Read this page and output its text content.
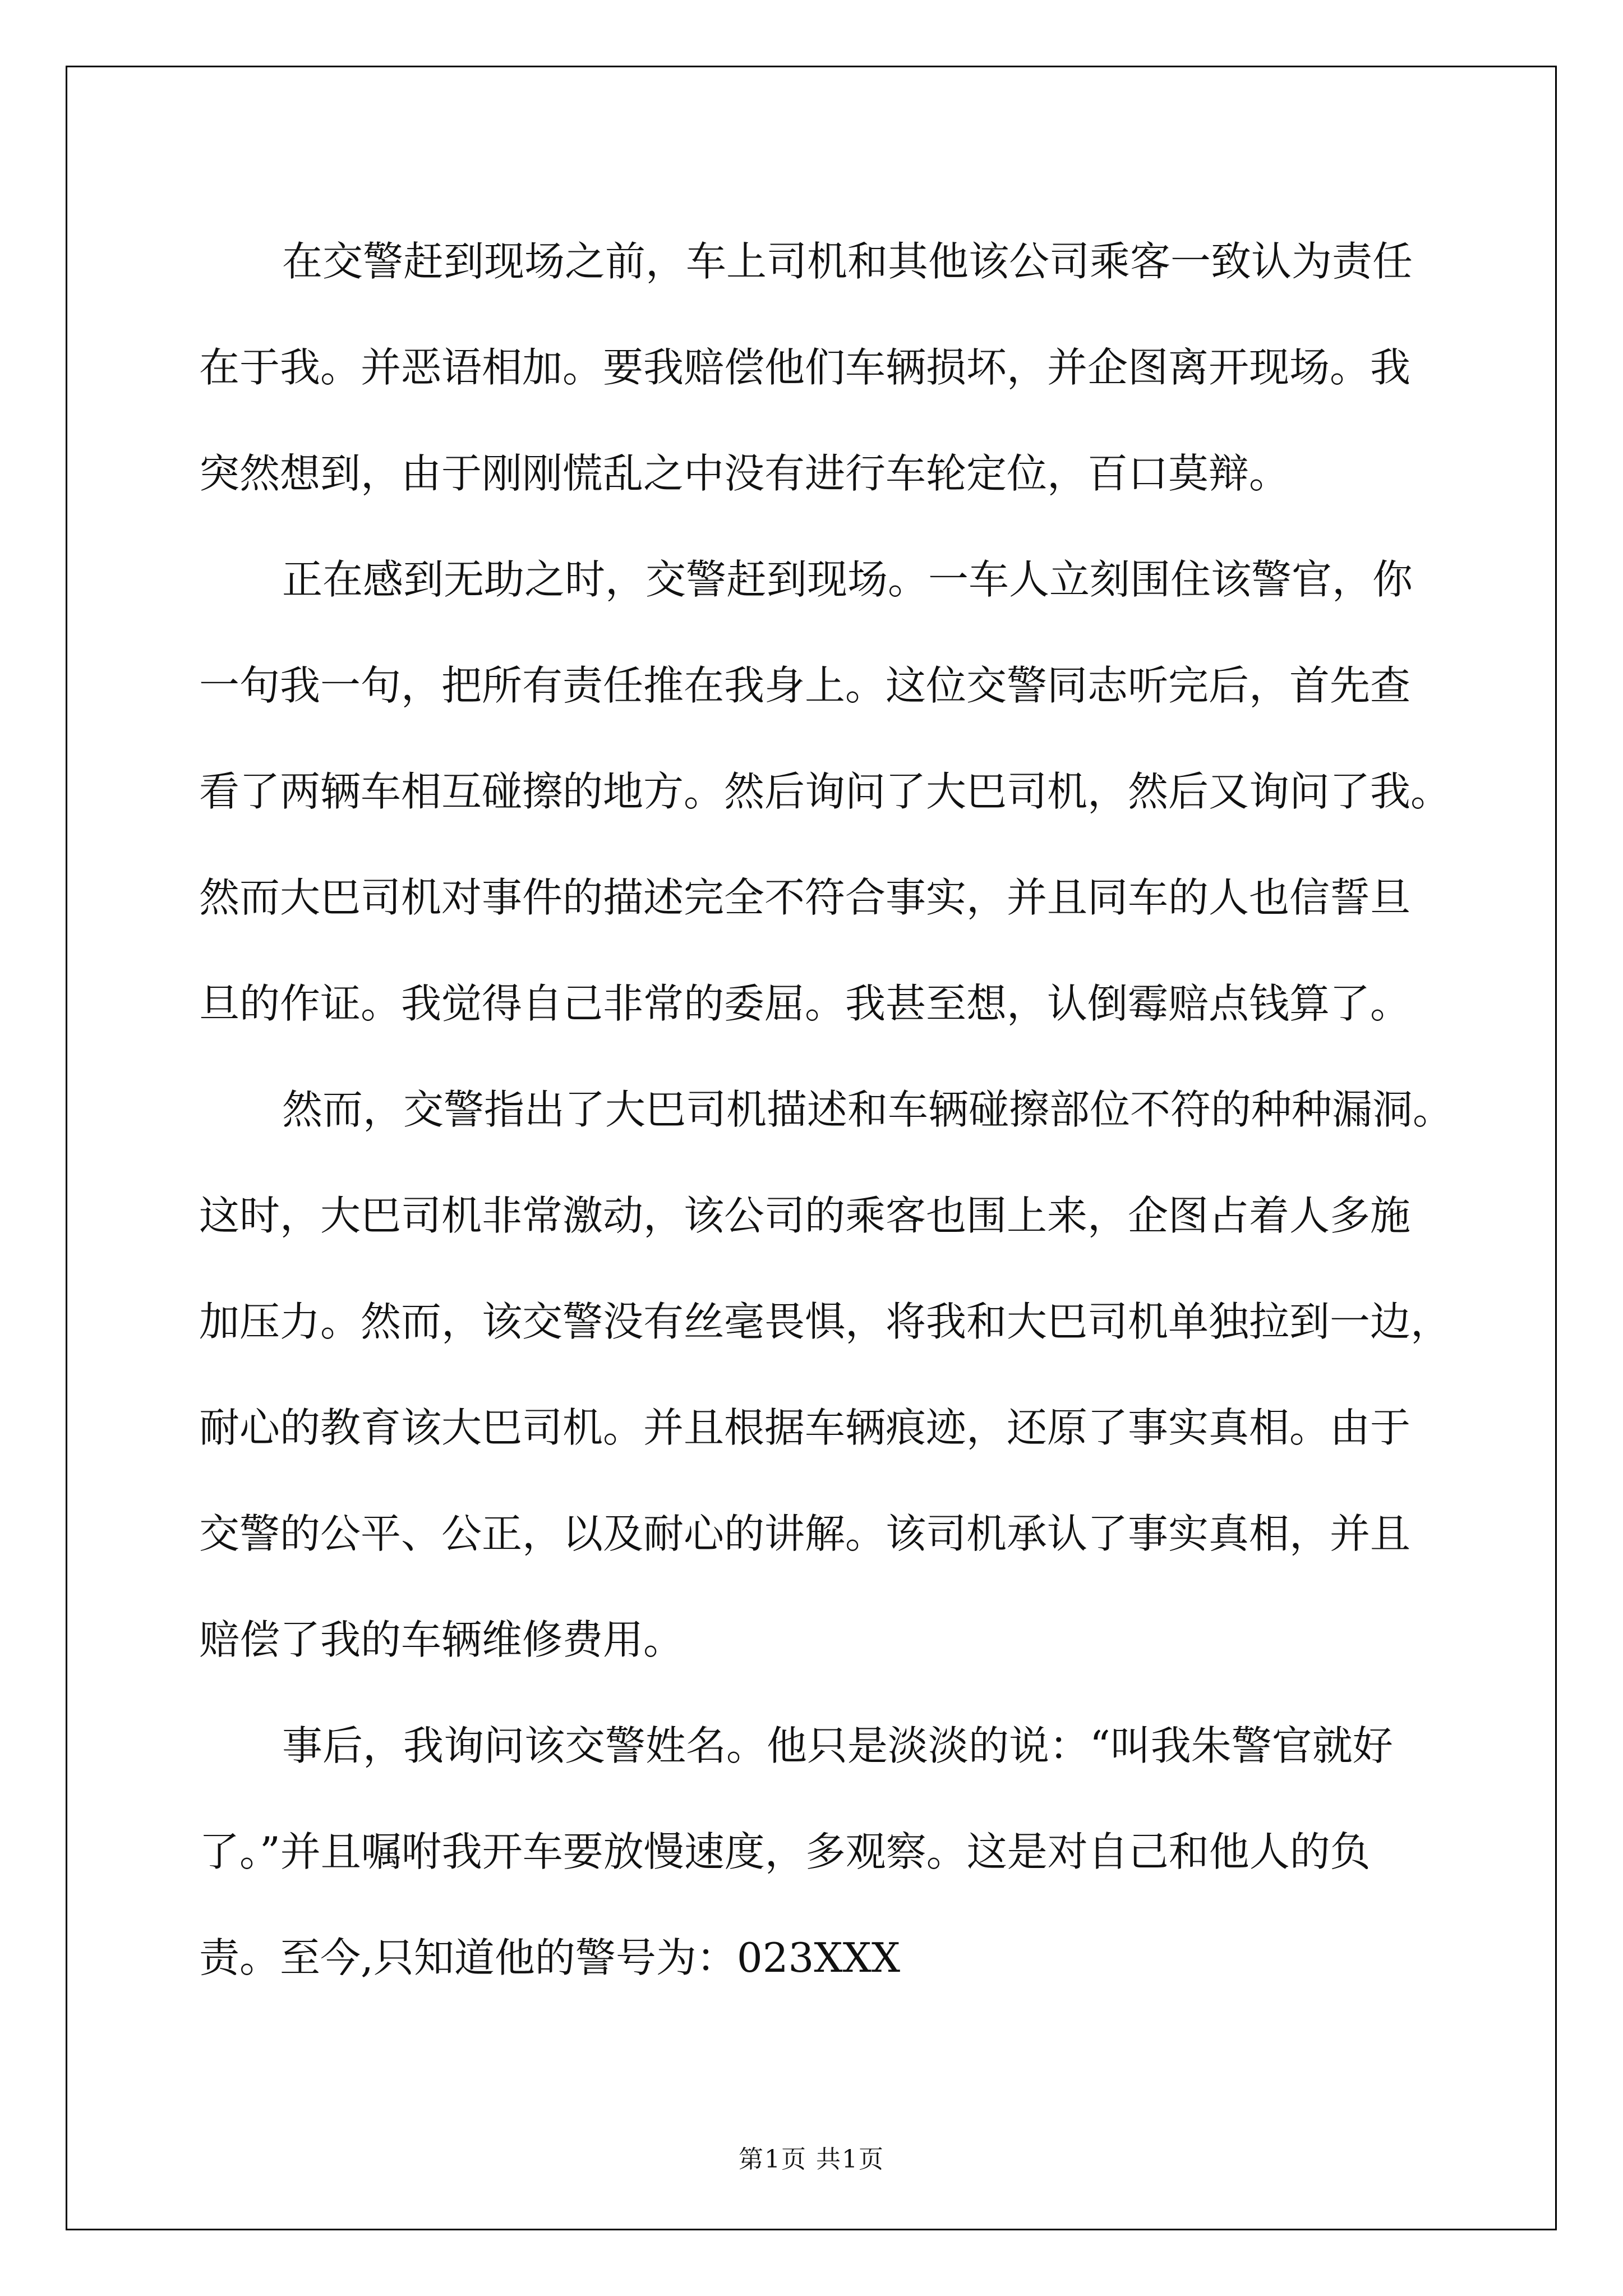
在交警赶到现场之前，车上司机和其他该公司乘客一致认为责任
在于我。并恶语相加。要我赔偿他们车辆损坏，并企图离开现场。我
突然想到，由于刚刚慌乱之中没有进行车轮定位，百口莫辩。
正在感到无助之时，交警赶到现场。一车人立刻围住该警官，你
一句我一句，把所有责任推在我身上。这位交警同志听完后，首先查
看了两辆车相互碰擦的地方。然后询问了大巴司机，然后又询问了我。
然而大巴司机对事件的描述完全不符合事实，并且同车的人也信誓旦
旦的作证。我觉得自己非常的委屈。我甚至想，认倒霉赔点钱算了。
然而，交警指出了大巴司机描述和车辆碰擦部位不符的种种漏洞。
这时，大巴司机非常激动，该公司的乘客也围上来，企图占着人多施
加压力。然而，该交警没有丝毫畏惧，将我和大巴司机单独拉到一边，
耐心的教育该大巴司机。并且根据车辆痕迹，还原了事实真相。由于
交警的公平、公正，以及耐心的讲解。该司机承认了事实真相，并且
赔偿了我的车辆维修费用。
事后，我询问该交警姓名。他只是淡淡的说：“叫我朱警官就好
了。”并且嘱咐我开车要放慢速度，多观察。这是对自己和他人的负
责。至今,只知道他的警号为：023XXX
第1页 共1页
